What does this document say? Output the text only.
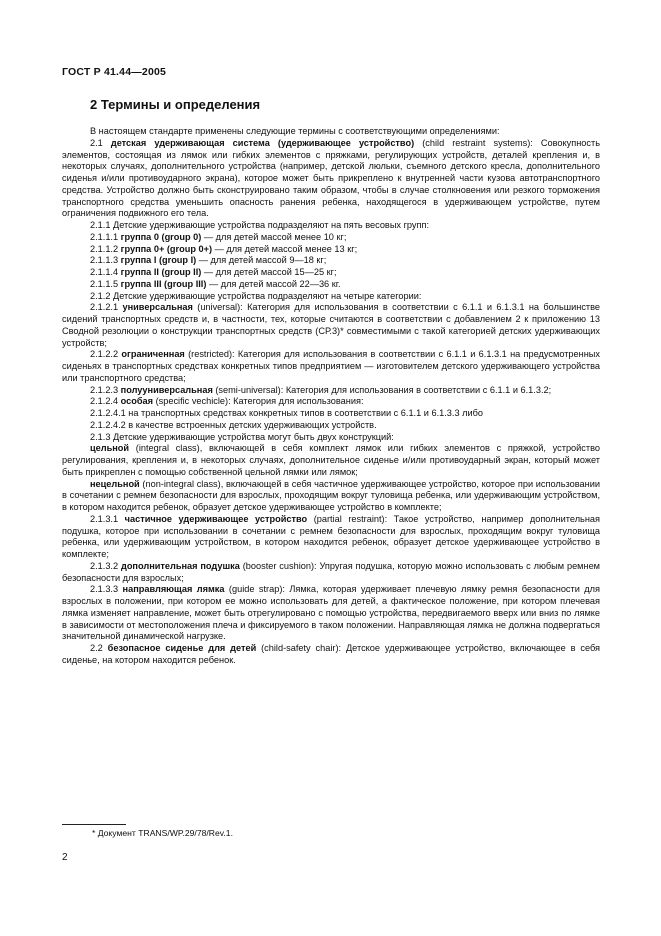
ГОСТ Р 41.44—2005
2 Термины и определения

В настоящем стандарте применены следующие термины с соответствующими определениями:

2.1 детская удерживающая система (удерживающее устройство) (child restraint systems): Совокупность элементов, состоящая из лямок или гибких элементов с пряжками, регулирующих устройств, деталей крепления и, в некоторых случаях, дополнительного устройства (например, детской люльки, съемного детского кресла, дополнительного сиденья и/или противоударного экрана), которое может быть прикреплено к внутренней части кузова автотранспортного средства. Устройство должно быть сконструировано таким образом, чтобы в случае столкновения или резкого торможения транспортного средства уменьшить опасность ранения ребенка, находящегося в удерживающем устройстве, путем ограничения подвижного его тела.

2.1.1 Детские удерживающие устройства подразделяют на пять весовых групп:

2.1.1.1 группа 0 (group 0) — для детей массой менее 10 кг;

2.1.1.2 группа 0+ (group 0+) — для детей массой менее 13 кг;

2.1.1.3 группа I (group I) — для детей массой 9—18 кг;

2.1.1.4 группа II (group II) — для детей массой 15—25 кг;

2.1.1.5 группа III (group III) — для детей массой 22—36 кг.

2.1.2 Детские удерживающие устройства подразделяют на четыре категории:

2.1.2.1 универсальная (universal): Категория для использования в соответствии с 6.1.1 и 6.1.3.1 на большинстве сидений транспортных средств и, в частности, тех, которые считаются в соответствии с добавлением 2 к приложению 13 Сводной резолюции о конструкции транспортных средств (СР.3)* совместимыми с такой категорией детских удерживающих устройств;

2.1.2.2 ограниченная (restricted): Категория для использования в соответствии с 6.1.1 и 6.1.3.1 на предусмотренных сиденьях в транспортных средствах конкретных типов предприятием — изготовителем детского удерживающего устройства или транспортного средства;

2.1.2.3 полууниверсальная (semi-universal): Категория для использования в соответствии с 6.1.1 и 6.1.3.2;

2.1.2.4 особая (specific vechicle): Категория для использования:

2.1.2.4.1 на транспортных средствах конкретных типов в соответствии с 6.1.1 и 6.1.3.3 либо

2.1.2.4.2 в качестве встроенных детских удерживающих устройств.

2.1.3 Детские удерживающие устройства могут быть двух конструкций:

цельной (integral class), включающей в себя комплект лямок или гибких элементов с пряжкой, устройство регулирования, крепления и, в некоторых случаях, дополнительное сиденье и/или противоударный экран, который может быть прикреплен с помощью собственной цельной лямки или лямок;

нецельной (non-integral class), включающей в себя частичное удерживающее устройство, которое при использовании в сочетании с ремнем безопасности для взрослых, проходящим вокруг туловища ребенка, или удерживающим устройством, в котором находится ребенок, образует детское удерживающее устройство в комплекте;

2.1.3.1 частичное удерживающее устройство (partial restraint): Такое устройство, например дополнительная подушка, которое при использовании в сочетании с ремнем безопасности для взрослых, проходящим вокруг туловища ребенка, или удерживающим устройством, в котором находится ребенок, образует детское удерживающее устройство в комплекте;

2.1.3.2 дополнительная подушка (booster cushion): Упругая подушка, которую можно использовать с любым ремнем безопасности для взрослых;

2.1.3.3 направляющая лямка (guide strap): Лямка, которая удерживает плечевую лямку ремня безопасности для взрослых в положении, при котором ее можно использовать для детей, а фактическое положение, при котором плечевая лямка изменяет направление, может быть отрегулировано с помощью устройства, передвигаемого вверх или вниз по лямке в зависимости от местоположения плеча и фиксируемого в таком положении. Направляющая лямка не должна подвергаться значительной динамической нагрузке.

2.2 безопасное сиденье для детей (child-safety chair): Детское удерживающее устройство, включающее в себя сиденье, на котором находится ребенок.

* Документ TRANS/WP.29/78/Rev.1.
2
